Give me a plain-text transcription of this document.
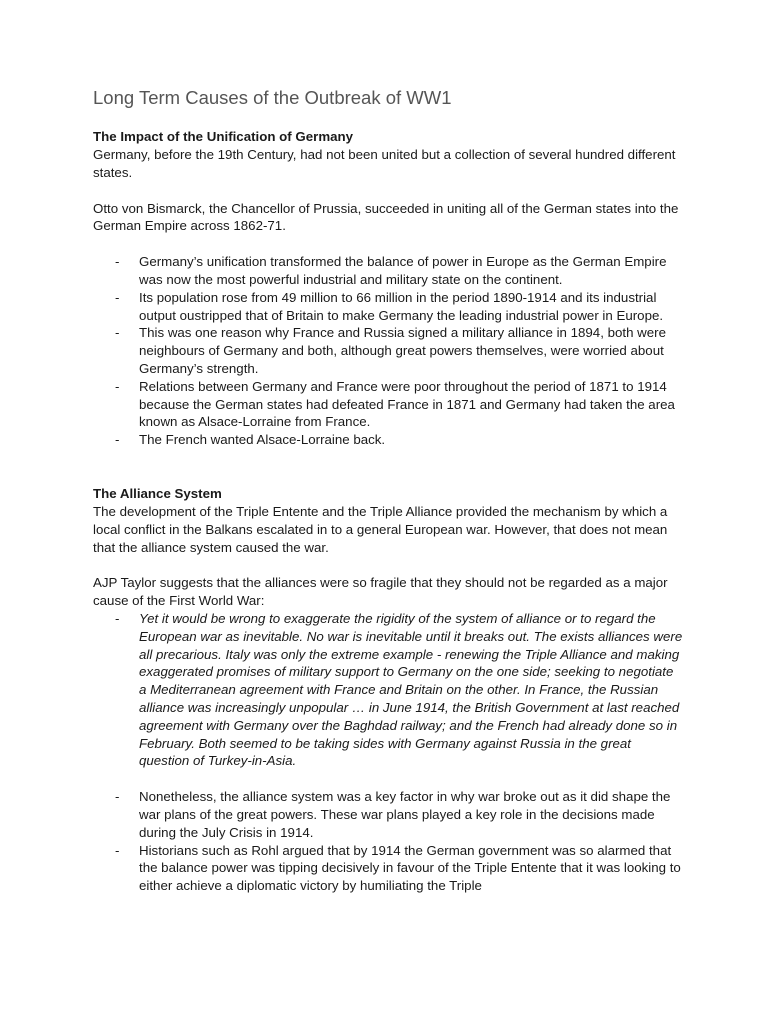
Long Term Causes of the Outbreak of WW1
The Impact of the Unification of Germany

Germany, before the 19th Century, had not been united but a collection of several hundred different states.

Otto von Bismarck, the Chancellor of Prussia, succeeded in uniting all of the German states into the German Empire across 1862-71.

- Germany’s unification transformed the balance of power in Europe as the German Empire was now the most powerful industrial and military state on the continent.
- Its population rose from 49 million to 66 million in the period 1890-1914 and its industrial output oustripped that of Britain to make Germany the leading industrial power in Europe.
- This was one reason why France and Russia signed a military alliance in 1894, both were neighbours of Germany and both, although great powers themselves, were worried about Germany’s strength.
- Relations between Germany and France were poor throughout the period of 1871 to 1914 because the German states had defeated France in 1871 and Germany had taken the area known as Alsace-Lorraine from France.
- The French wanted Alsace-Lorraine back.
The Alliance System

The development of the Triple Entente and the Triple Alliance provided the mechanism by which a local conflict in the Balkans escalated in to a general European war. However, that does not mean that the alliance system caused the war.

AJP Taylor suggests that the alliances were so fragile that they should not be regarded as a major cause of the First World War:

- Yet it would be wrong to exaggerate the rigidity of the system of alliance or to regard the European war as inevitable. No war is inevitable until it breaks out. The exists alliances were all precarious. Italy was only the extreme example - renewing the Triple Alliance and making exaggerated promises of military support to Germany on the one side; seeking to negotiate a Mediterranean agreement with France and Britain on the other. In France, the Russian alliance was increasingly unpopular … in June 1914, the British Government at last reached agreement with Germany over the Baghdad railway; and the French had already done so in February. Both seemed to be taking sides with Germany against Russia in the great question of Turkey-in-Asia.
- Nonetheless, the alliance system was a key factor in why war broke out as it did shape the war plans of the great powers. These war plans played a key role in the decisions made during the July Crisis in 1914.
- Historians such as Rohl argued that by 1914 the German government was so alarmed that the balance power was tipping decisively in favour of the Triple Entente that it was looking to either achieve a diplomatic victory by humiliating the Triple
